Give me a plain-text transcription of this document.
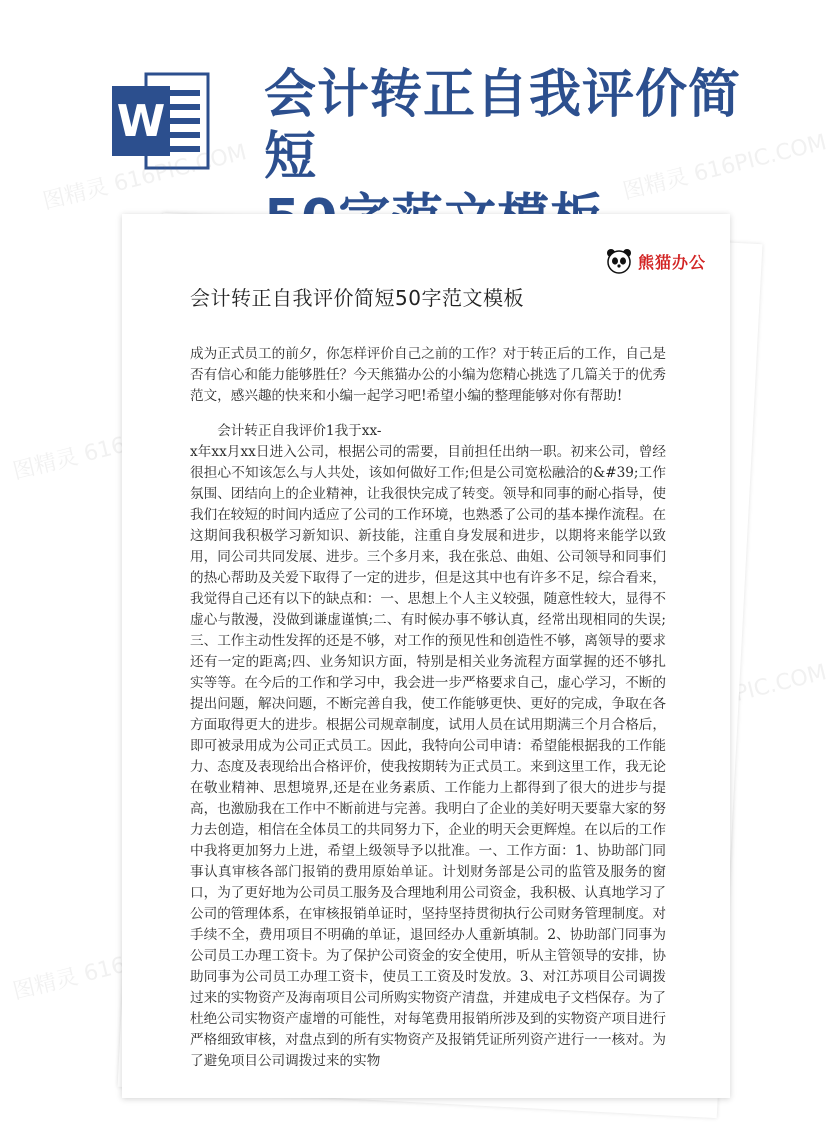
W 会计转正自我评价简短
图精灵 616PIC.COM	图精灵 616PIC.COM
图精灵 616PIC.COM
616PIC.COM
图精灵 616PIC.COM
熊猫办公
会计转正自我评价简短50字范文模板

成为正式员工的前夕，你怎样评价自己之前的工作？对于转正后的工作，自己是否有信心和能力能够胜任？今天熊猫办公的小编为您精心挑选了几篇关于的优秀范文，感兴趣的快来和小编一起学习吧!希望小编的整理能够对你有帮助!

会计转正自我评价1我于xx-

x年xx月xx日进入公司，根据公司的需要，目前担任出纳一职。初来公司，曾经很担心不知该怎么与人共处，该如何做好工作;但是公司宽松融洽的&#39;工作氛围、团结向上的企业精神，让我很快完成了转变。领导和同事的耐心指导，使我们在较短的时间内适应了公司的工作环境，也熟悉了公司的基本操作流程。在这期间我积极学习新知识、新技能，注重自身发展和进步，以期将来能学以致用，同公司共同发展、进步。三个多月来，我在张总、曲姐、公司领导和同事们的热心帮助及关爱下取得了一定的进步，但是这其中也有许多不足，综合看来，我觉得自己还有以下的缺点和：一、思想上个人主义较强，随意性较大，显得不虚心与散漫，没做到谦虚谨慎;二、有时候办事不够认真，经常出现相同的失误;三、工作主动性发挥的还是不够，对工作的预见性和创造性不够，离领导的要求还有一定的距离;四、业务知识方面，特别是相关业务流程方面掌握的还不够扎实等等。在今后的工作和学习中，我会进一步严格要求自己，虚心学习，不断的提出问题，解决问题，不断完善自我，使工作能够更快、更好的完成，争取在各方面取得更大的进步。根据公司规章制度，试用人员在试用期满三个月合格后，即可被录用成为公司正式员工。因此，我特向公司申请：希望能根据我的工作能力、态度及表现给出合格评价，使我按期转为正式员工。来到这里工作，我无论在敬业精神、思想境界,还是在业务素质、工作能力上都得到了很大的进步与提高，也激励我在工作中不断前进与完善。我明白了企业的美好明天要靠大家的努力去创造，相信在全体员工的共同努力下，企业的明天会更辉煌。在以后的工作中我将更加努力上进，希望上级领导予以批准。一、工作方面：1、协助部门同事认真审核各部门报销的费用原始单证。计划财务部是公司的监管及服务的窗口，为了更好地为公司员工服务及合理地利用公司资金，我积极、认真地学习了公司的管理体系，在审核报销单证时，坚持坚持贯彻执行公司财务管理制度。对手续不全，费用项目不明确的单证，退回经办人重新填制。2、协助部门同事为公司员工办理工资卡。为了保护公司资金的安全使用，听从主管领导的安排，协助同事为公司员工办理工资卡，使员工工资及时发放。3、对江苏项目公司调拨过来的实物资产及海南项目公司所购实物资产清盘，并建成电子文档保存。为了杜绝公司实物资产虚增的可能性，对每笔费用报销所涉及到的实物资产项目进行严格细致审核，对盘点到的所有实物资产及报销凭证所列资产进行一一核对。为了避免项目公司调拨过来的实物
